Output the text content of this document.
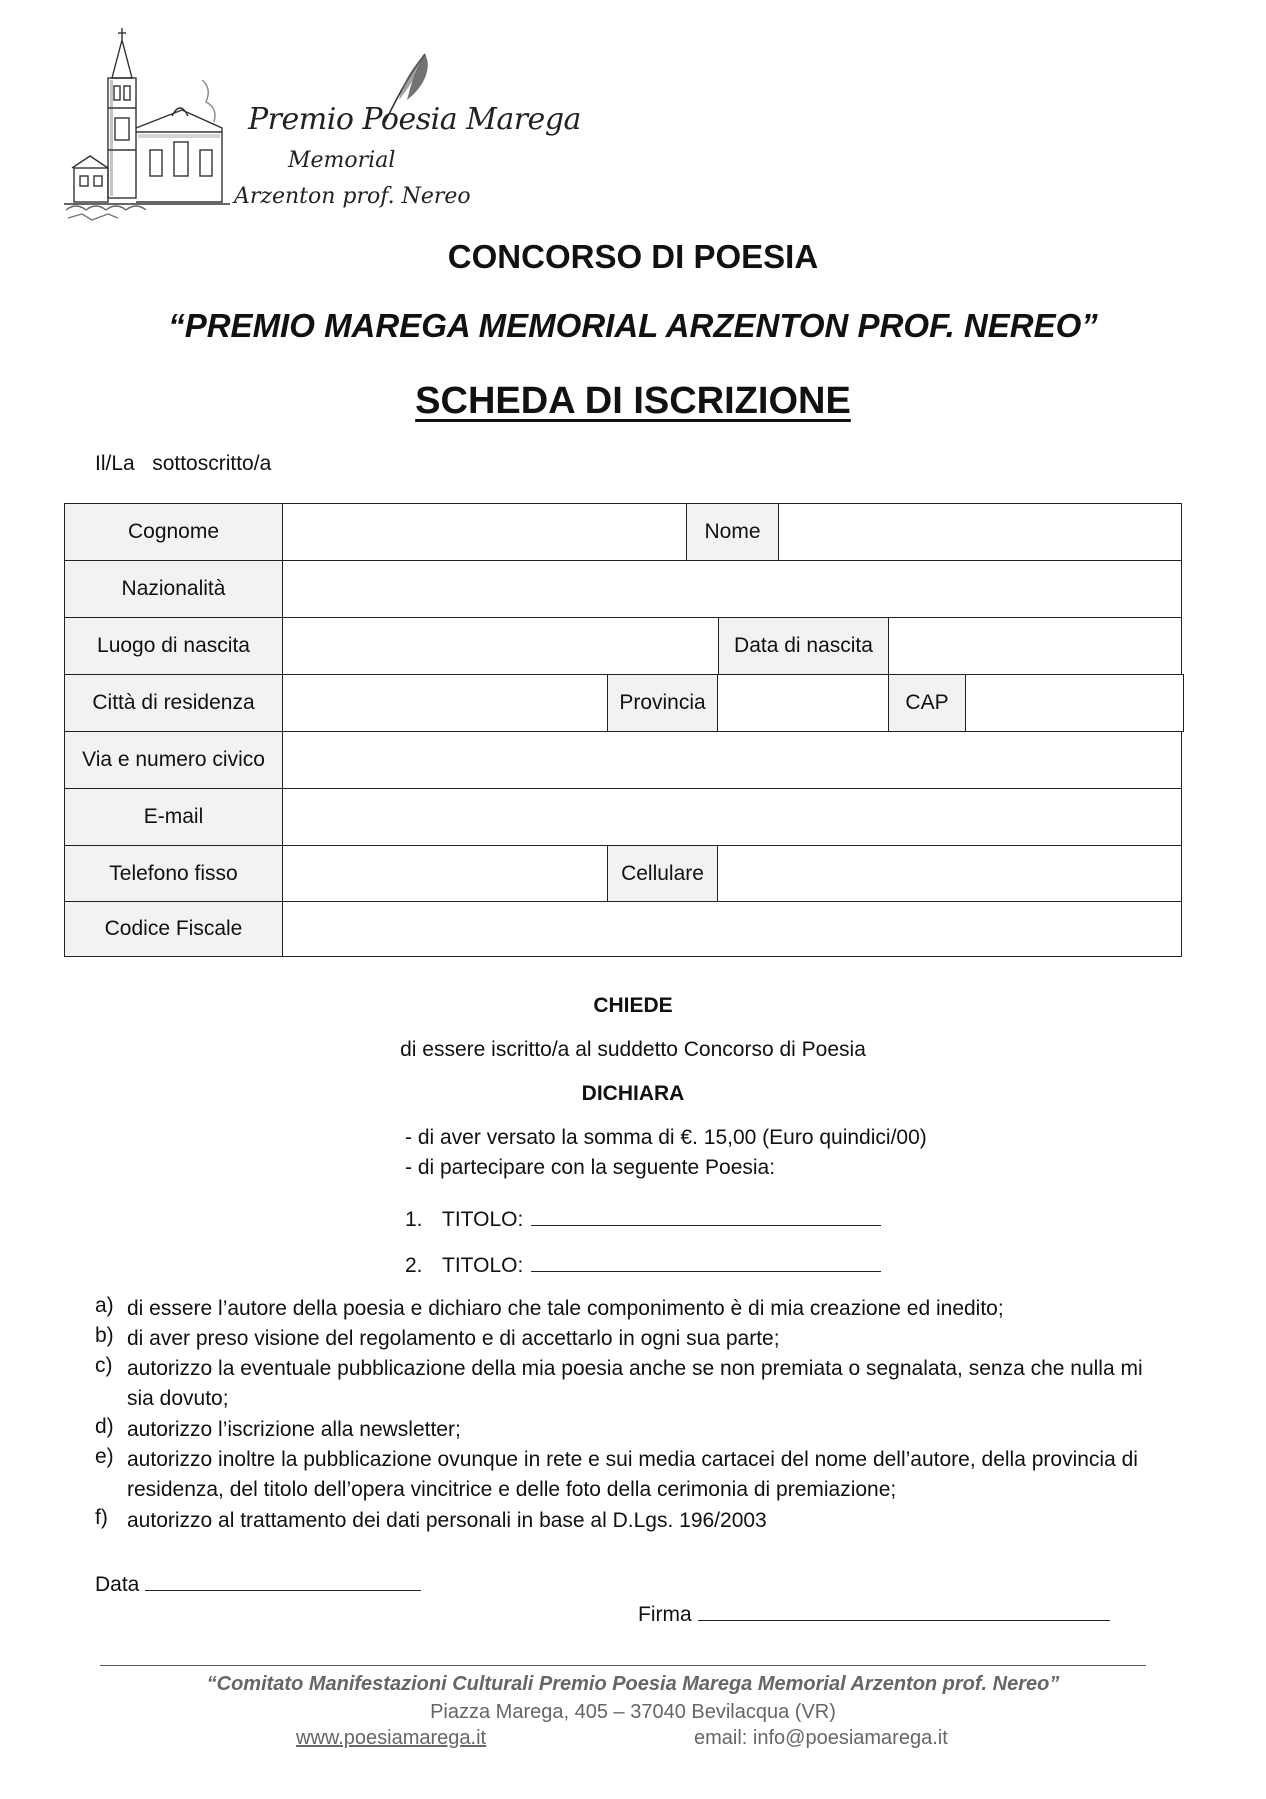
Premio Poesia Marega
Memorial
Arzenton prof. Nereo
CONCORSO DI POESIA
“PREMIO MAREGA MEMORIAL ARZENTON PROF. NEREO”
SCHEDA DI ISCRIZIONE
Il/La   sottoscritto/a
Cognome	Nome
Nazionalità
Luogo di nascita	Data di nascita
Città di residenza	Provincia	CAP
Via e numero civico
E-mail
Telefono fisso	Cellulare
Codice Fiscale
CHIEDE
di essere iscritto/a al suddetto Concorso di Poesia
DICHIARA
- di aver versato la somma di €. 15,00 (Euro quindici/00)
- di partecipare con la seguente Poesia:
1. TITOLO:
2. TITOLO:
a) di essere l’autore della poesia e dichiaro che tale componimento è di mia creazione ed inedito;
b) di aver preso visione del regolamento e di accettarlo in ogni sua parte;
c) autorizzo la eventuale pubblicazione della mia poesia anche se non premiata o segnalata, senza che nulla mi sia dovuto;
d) autorizzo l’iscrizione alla newsletter;
e) autorizzo inoltre la pubblicazione ovunque in rete e sui media cartacei del nome dell’autore, della provincia di residenza, del titolo dell’opera vincitrice e delle foto della cerimonia di premiazione;
f) autorizzo al trattamento dei dati personali in base al D.Lgs. 196/2003
Data
Firma
“Comitato Manifestazioni Culturali Premio Poesia Marega Memorial Arzenton prof. Nereo”
Piazza Marega, 405 – 37040 Bevilacqua (VR)
www.poesiamarega.it	email: info@poesiamarega.it
